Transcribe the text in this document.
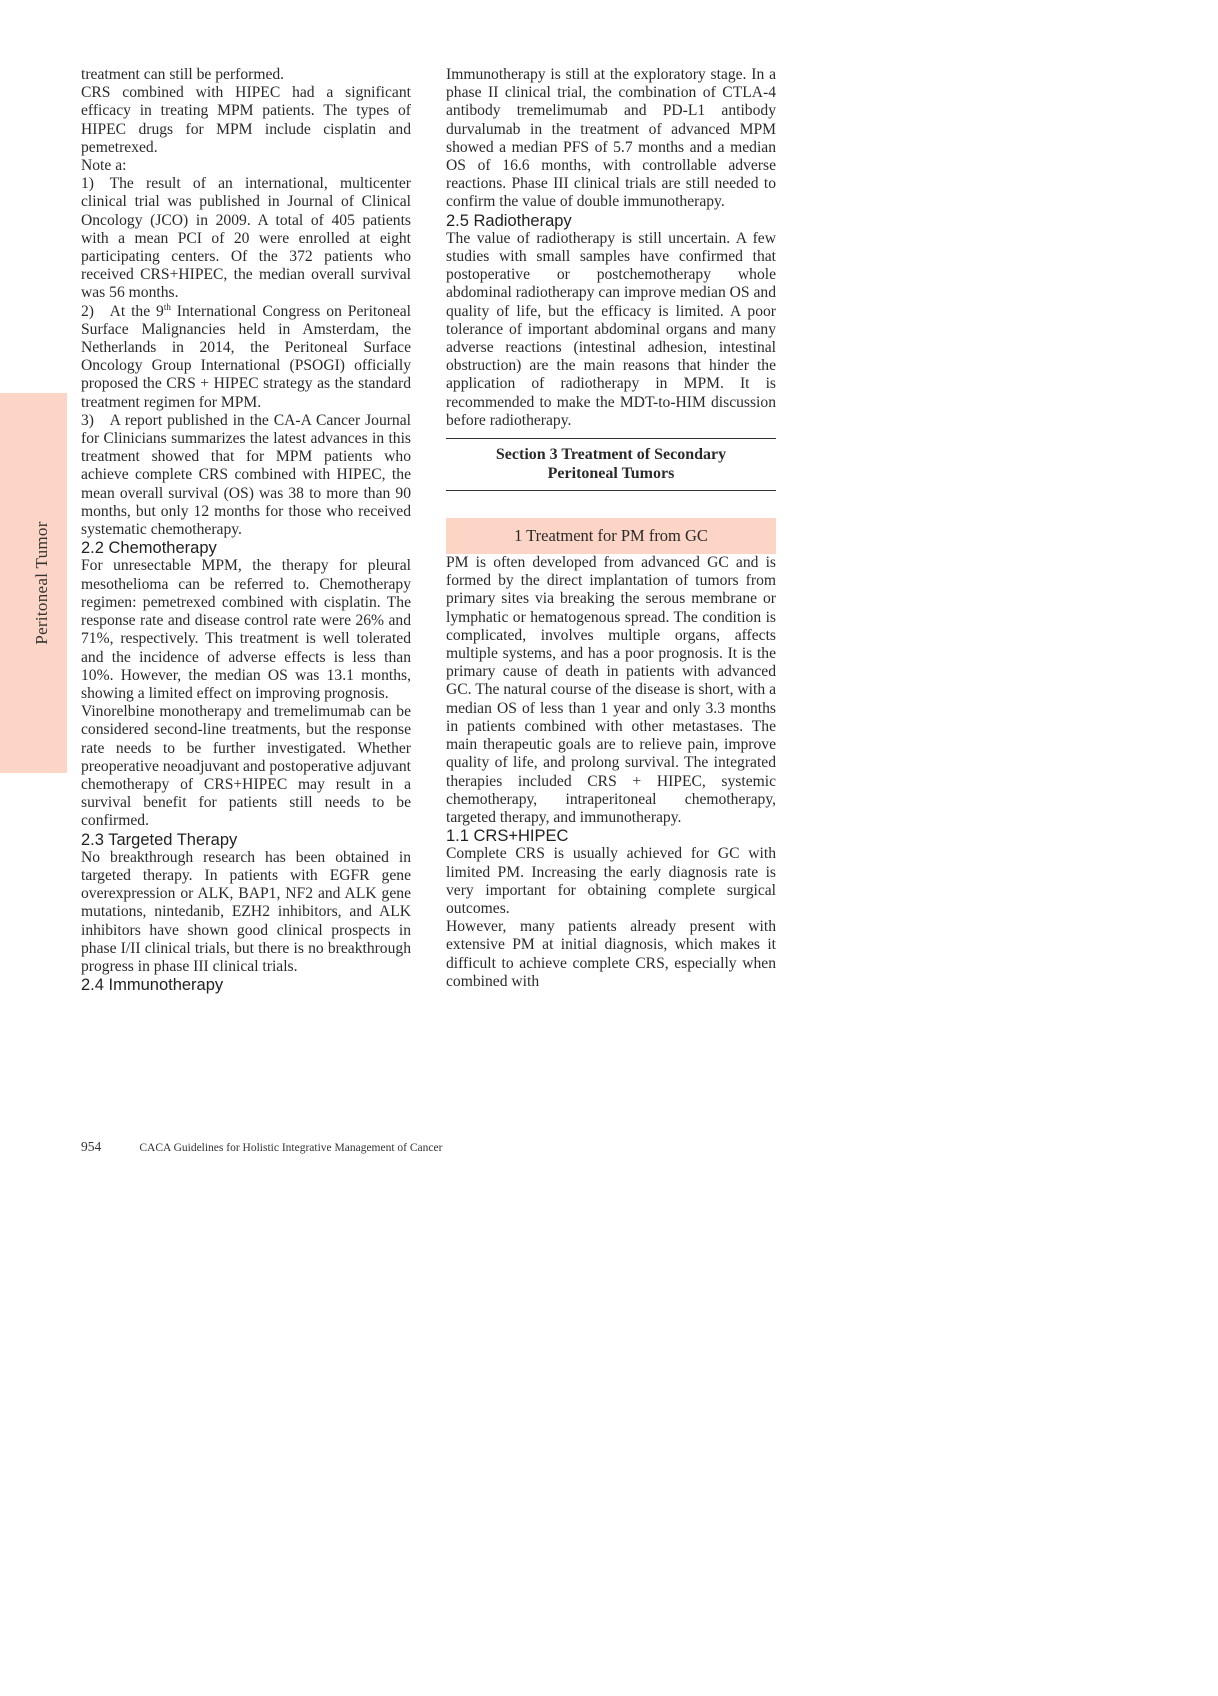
Peritoneal Tumor

treatment can still be performed.

CRS combined with HIPEC had a significant efficacy in treating MPM patients. The types of HIPEC drugs for MPM include cisplatin and pemetrexed.

Note a:

1) The result of an international, multicenter clinical trial was published in Journal of Clinical Oncology (JCO) in 2009. A total of 405 patients with a mean PCI of 20 were enrolled at eight participating centers. Of the 372 patients who received CRS+HIPEC, the median overall survival was 56 months.

2) At the 9th International Congress on Peritoneal Surface Malignancies held in Amsterdam, the Netherlands in 2014, the Peritoneal Surface Oncology Group International (PSOGI) officially proposed the CRS + HIPEC strategy as the standard treatment regimen for MPM.

3) A report published in the CA-A Cancer Journal for Clinicians summarizes the latest advances in this treatment showed that for MPM patients who achieve complete CRS combined with HIPEC, the mean overall survival (OS) was 38 to more than 90 months, but only 12 months for those who received systematic chemotherapy.

2.2 Chemotherapy

For unresectable MPM, the therapy for pleural mesothelioma can be referred to. Chemotherapy regimen: pemetrexed combined with cisplatin. The response rate and disease control rate were 26% and 71%, respectively. This treatment is well tolerated and the incidence of adverse effects is less than 10%. However, the median OS was 13.1 months, showing a limited effect on improving prognosis.

Vinorelbine monotherapy and tremelimumab can be considered second-line treatments, but the response rate needs to be further investigated. Whether preoperative neoadjuvant and postoperative adjuvant chemotherapy of CRS+HIPEC may result in a survival benefit for patients still needs to be confirmed.

2.3 Targeted Therapy

No breakthrough research has been obtained in targeted therapy. In patients with EGFR gene overexpression or ALK, BAP1, NF2 and ALK gene mutations, nintedanib, EZH2 inhibitors, and ALK inhibitors have shown good clinical prospects in phase I/II clinical trials, but there is no breakthrough progress in phase III clinical trials.

2.4 Immunotherapy

Immunotherapy is still at the exploratory stage. In a phase II clinical trial, the combination of CTLA-4 antibody tremelimumab and PD-L1 antibody durvalumab in the treatment of advanced MPM showed a median PFS of 5.7 months and a median OS of 16.6 months, with controllable adverse reactions. Phase III clinical trials are still needed to confirm the value of double immunotherapy.

2.5 Radiotherapy

The value of radiotherapy is still uncertain. A few studies with small samples have confirmed that postoperative or postchemotherapy whole abdominal radiotherapy can improve median OS and quality of life, but the efficacy is limited. A poor tolerance of important abdominal organs and many adverse reactions (intestinal adhesion, intestinal obstruction) are the main reasons that hinder the application of radiotherapy in MPM. It is recommended to make the MDT-to-HIM discussion before radiotherapy.

Section 3 Treatment of Secondary
Peritoneal Tumors
1 Treatment for PM from GC

PM is often developed from advanced GC and is formed by the direct implantation of tumors from primary sites via breaking the serous membrane or lymphatic or hematogenous spread. The condition is complicated, involves multiple organs, affects multiple systems, and has a poor prognosis. It is the primary cause of death in patients with advanced GC. The natural course of the disease is short, with a median OS of less than 1 year and only 3.3 months in patients combined with other metastases. The main therapeutic goals are to relieve pain, improve quality of life, and prolong survival. The integrated therapies included CRS + HIPEC, systemic chemotherapy, intraperitoneal chemotherapy, targeted therapy, and immunotherapy.

1.1 CRS+HIPEC

Complete CRS is usually achieved for GC with limited PM. Increasing the early diagnosis rate is very important for obtaining complete surgical outcomes.

However, many patients already present with extensive PM at initial diagnosis, which makes it difficult to achieve complete CRS, especially when combined with

954	CACA Guidelines for Holistic Integrative Management of Cancer
